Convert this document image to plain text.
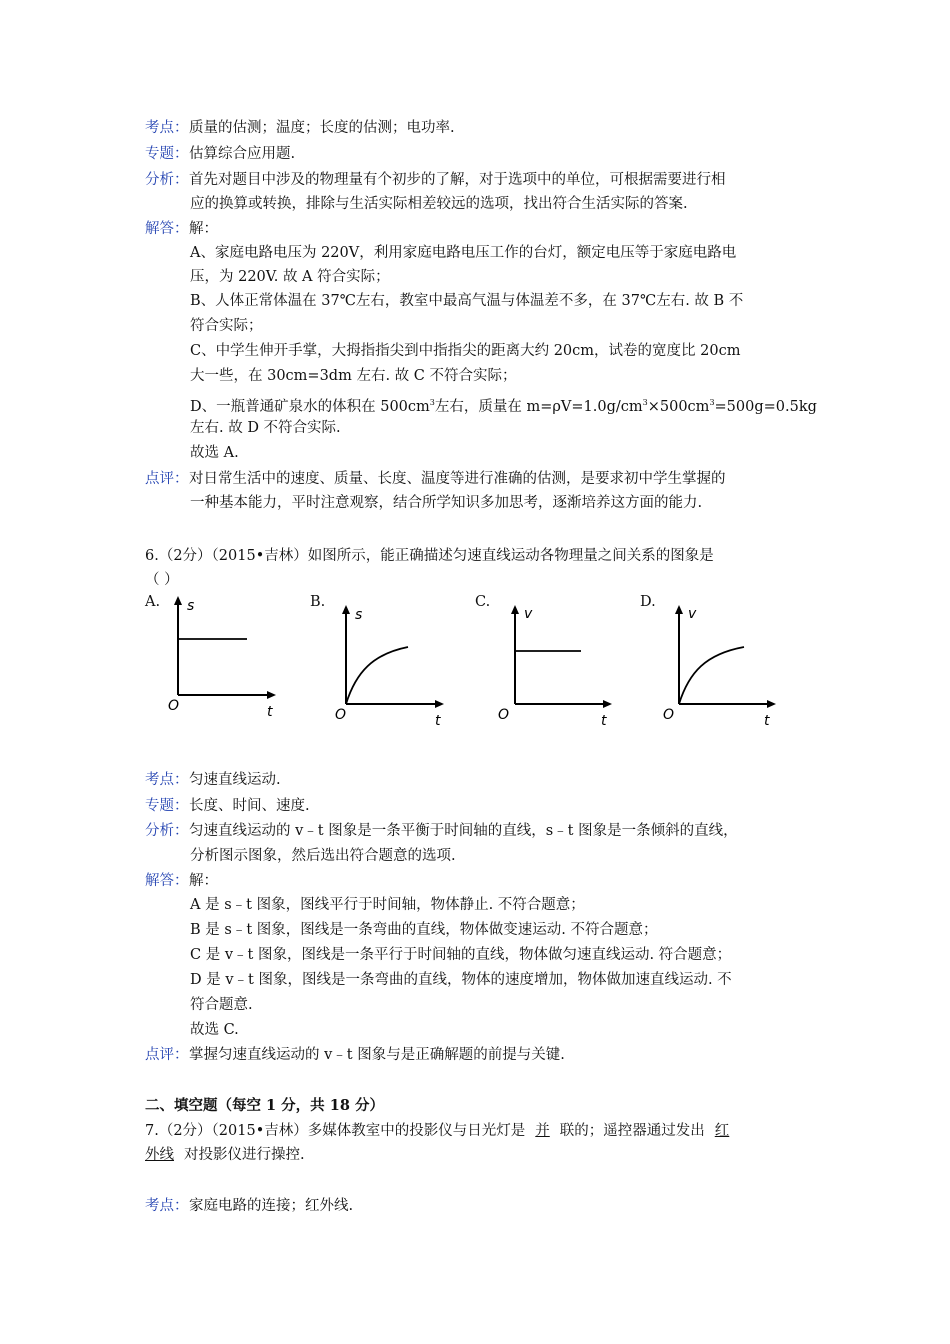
考点：质量的估测；温度；长度的估测；电功率.
专题：估算综合应用题.
分析：首先对题目中涉及的物理量有个初步的了解，对于选项中的单位，可根据需要进行相
应的换算或转换，排除与生活实际相差较远的选项，找出符合生活实际的答案.
解答：解：
A、家庭电路电压为 220V，利用家庭电路电压工作的台灯，额定电压等于家庭电路电
压，为 220V. 故 A 符合实际；
B、人体正常体温在 37℃左右，教室中最高气温与体温差不多，在 37℃左右. 故 B 不
符合实际；
C、中学生伸开手掌，大拇指指尖到中指指尖的距离大约 20cm，试卷的宽度比 20cm
大一些，在 30cm=3dm 左右. 故 C 不符合实际；
D、一瓶普通矿泉水的体积在 $500cm^3$左右，质量在 $m=\rho V=1.0g/cm^3\times 500cm^3=500g=0.5kg$
左右. 故 D 不符合实际.
故选 A.
点评：对日常生活中的速度、质量、长度、温度等进行准确的估测，是要求初中学生掌握的
一种基本能力，平时注意观察，结合所学知识多加思考，逐渐培养这方面的能力.
6.（2分）（2015•吉林）如图所示，能正确描述匀速直线运动各物理量之间关系的图象是
（ ）
A. s
t
O
B.
s
t
O
C.
v
t
O
D.
v
t
O
考点：匀速直线运动.
专题：长度、时间、速度.
分析：匀速直线运动的 v﹣t 图象是一条平衡于时间轴的直线，s﹣t 图象是一条倾斜的直线，
分析图示图象，然后选出符合题意的选项.
解答：解：
A 是 s﹣t 图象，图线平行于时间轴，物体静止. 不符合题意；
B 是 s﹣t 图象，图线是一条弯曲的直线，物体做变速运动. 不符合题意；
C 是 v﹣t 图象，图线是一条平行于时间轴的直线，物体做匀速直线运动. 符合题意；
D 是 v﹣t 图象，图线是一条弯曲的直线，物体的速度增加，物体做加速直线运动. 不
符合题意.
故选 C.
点评：掌握匀速直线运动的 v﹣t 图象与是正确解题的前提与关键.
二、填空题（每空 1 分，共 18 分）
7.（2分）（2015•吉林）多媒体教室中的投影仪与日光灯是 并 联的；遥控器通过发出 红
外线 对投影仪进行操控.
考点：家庭电路的连接；红外线.
